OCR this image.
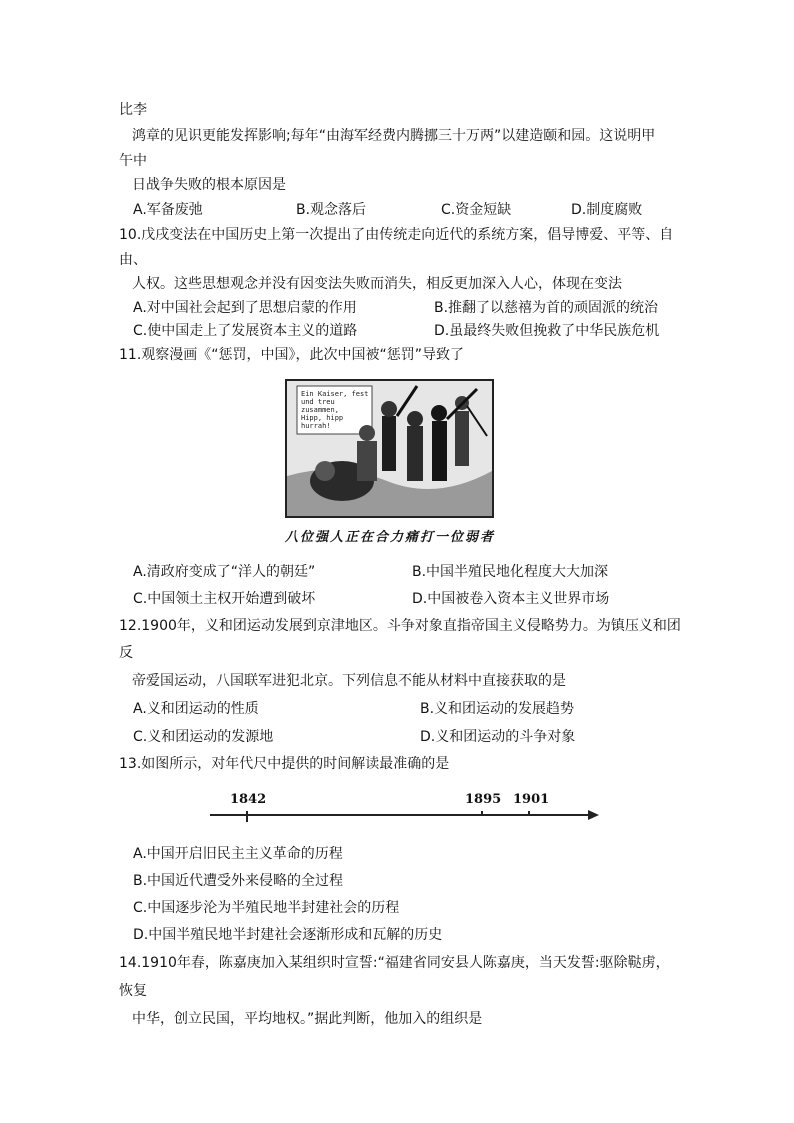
比李
鸿章的见识更能发挥影响;每年“由海军经费内腾挪三十万两”以建造颐和园。这说明甲
午中
日战争失败的根本原因是
A.军备废弛	B.观念落后	C.资金短缺	D.制度腐败
10.戊戌变法在中国历史上第一次提出了由传统走向近代的系统方案，倡导博爱、平等、自
由、
人权。这些思想观念并没有因变法失败而消失，相反更加深入人心，体现在变法
A.对中国社会起到了思想启蒙的作用	B.推翻了以慈禧为首的顽固派的统治
C.使中国走上了发展资本主义的道路	D.虽最终失败但挽救了中华民族危机
11.观察漫画《“惩罚，中国》，此次中国被“惩罚”导致了
Ein Kaiser, fest
und treu
zusammen,
Hipp, hipp
hurrah!
八位强人正在合力痛打一位弱者
A.清政府变成了“洋人的朝廷”	B.中国半殖民地化程度大大加深
C.中国领土主权开始遭到破坏	D.中国被卷入资本主义世界市场
12.1900年，义和团运动发展到京津地区。斗争对象直指帝国主义侵略势力。为镇压义和团
反
帝爱国运动，八国联军进犯北京。下列信息不能从材料中直接获取的是
A.义和团运动的性质	B.义和团运动的发展趋势
C.义和团运动的发源地	D.义和团运动的斗争对象
13.如图所示，对年代尺中提供的时间解读最准确的是
1842	1895 1901
A.中国开启旧民主主义革命的历程
B.中国近代遭受外来侵略的全过程
C.中国逐步沦为半殖民地半封建社会的历程
D.中国半殖民地半封建社会逐渐形成和瓦解的历史
14.1910年春，陈嘉庚加入某组织时宣誓:“福建省同安县人陈嘉庚，当天发誓:驱除鞑虏，
恢复
中华，创立民国，平均地权。”据此判断，他加入的组织是
